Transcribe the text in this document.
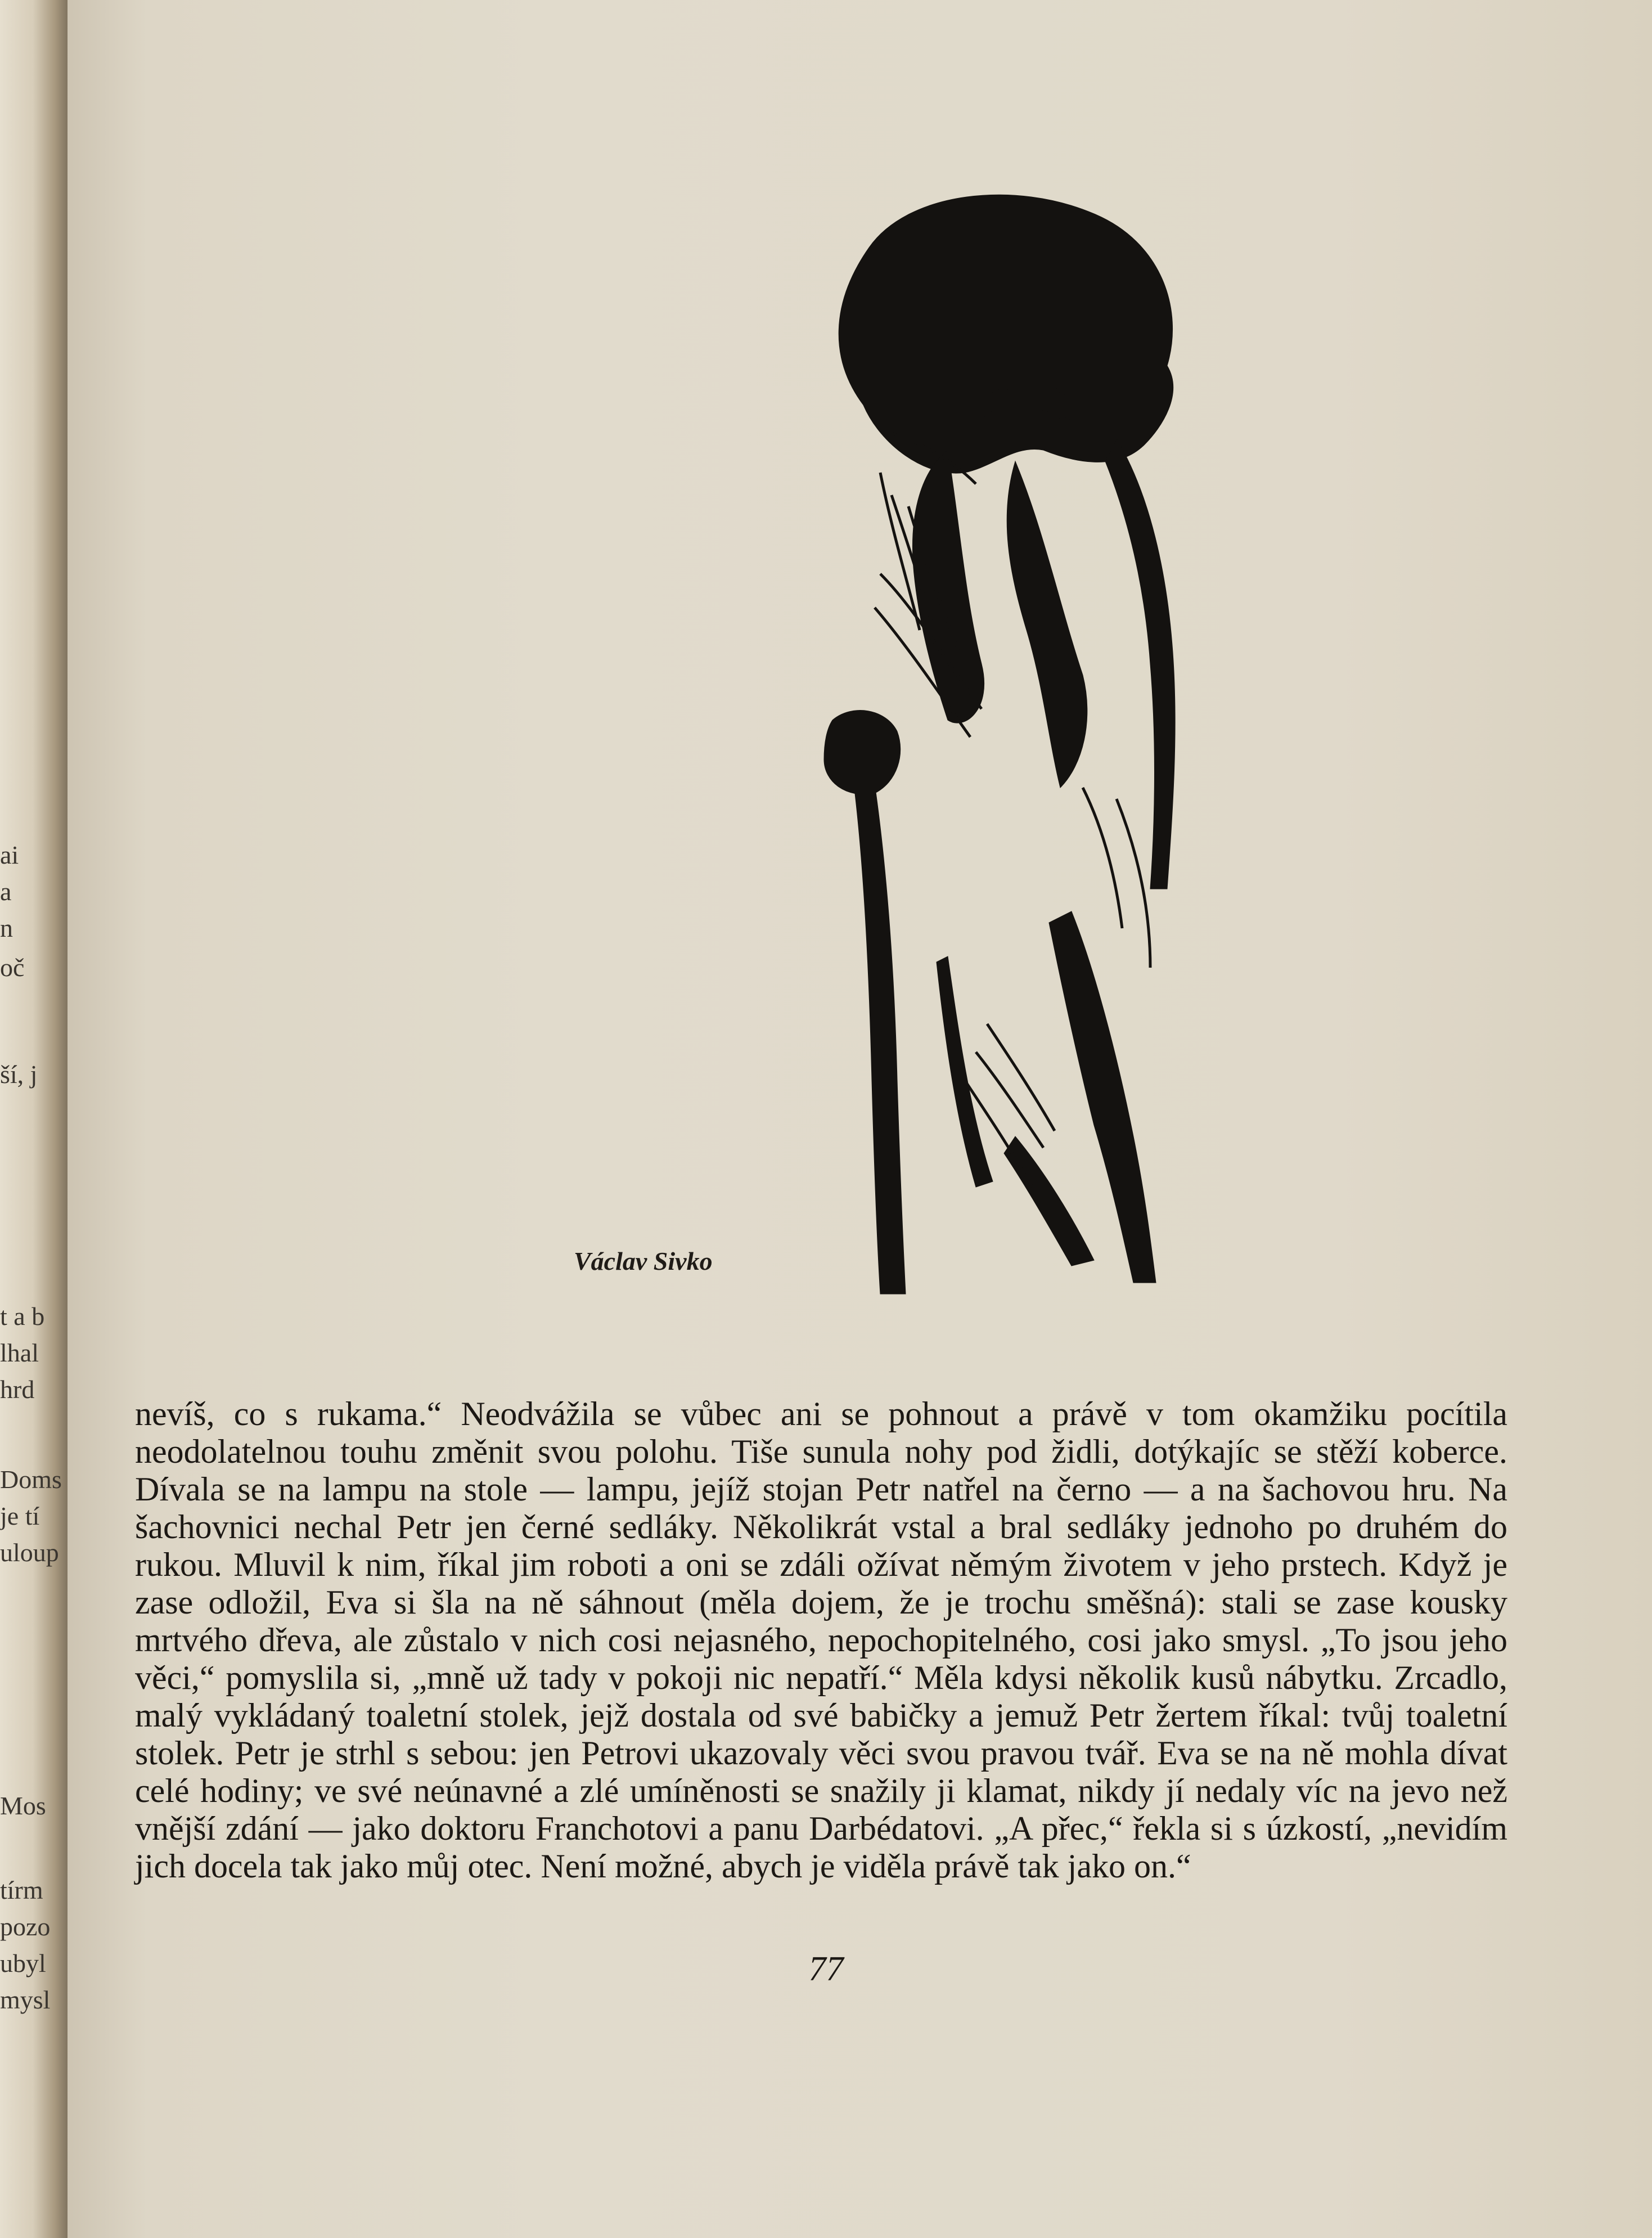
ai
a
n
oč
ší, j
t a b
lhal
hrd
Doms
je tí
ulouр
Mos
tírm
pozo
ubyl
mysl
Václav Sivko

nevíš, co s rukama.“ Neodvážila se vůbec ani se pohnout a právě v tom okamžiku pocítila neodolatelnou touhu změnit svou polohu. Tiše sunula nohy pod židli, dotýkajíc se stěží koberce. Dívala se na lampu na stole — lampu, jejíž stojan Petr natřel na černo — a na šachovou hru. Na šachovnici nechal Petr jen černé sedláky. Několikrát vstal a bral sedláky jednoho po druhém do rukou. Mluvil k nim, říkal jim roboti a oni se zdáli ožívat němým životem v jeho prstech. Když je zase odložil, Eva si šla na ně sáhnout (měla dojem, že je trochu směšná): stali se zase kousky mrtvého dřeva, ale zůstalo v nich cosi nejasného, nepochopitelného, cosi jako smysl. „To jsou jeho věci,“ pomyslila si, „mně už tady v pokoji nic nepatří.“ Měla kdysi několik kusů nábytku. Zrcadlo, malý vykládaný toaletní stolek, jejž dostala od své babičky a jemuž Petr žertem říkal: tvůj toaletní stolek. Petr je strhl s sebou: jen Petrovi ukazovaly věci svou pravou tvář. Eva se na ně mohla dívat celé hodiny; ve své neúnavné a zlé umíněnosti se snažily ji klamat, nikdy jí nedaly víc na jevo než vnější zdání — jako doktoru Franchotovi a panu Darbédatovi. „A přec,“ řekla si s úzkostí, „nevidím jich docela tak jako můj otec. Není možné, abych je viděla právě tak jako on.“

77
